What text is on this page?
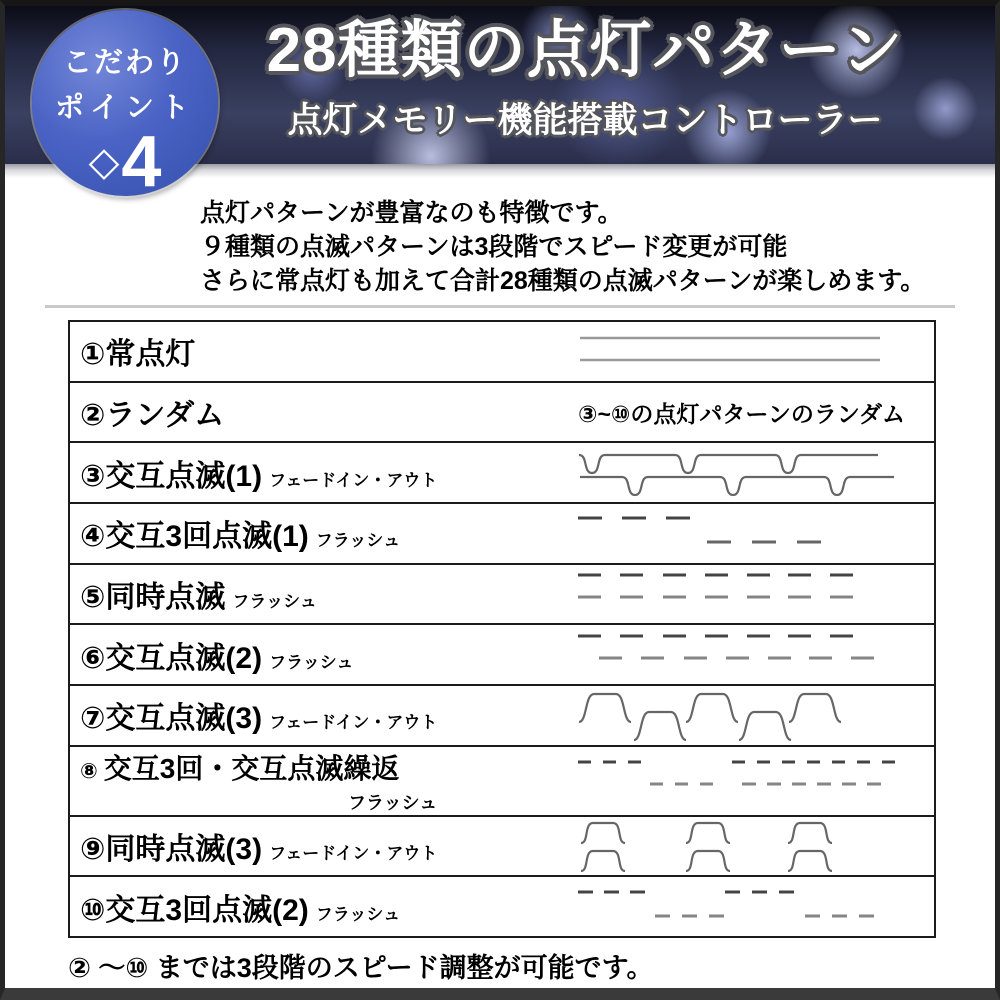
28種類の点灯パターン
点灯メモリー機能搭載コントローラー
こだわり
ポイント
◇ 4
点灯パターンが豊富なのも特徴です。
９種類の点滅パターンは3段階でスピード変更が可能
さらに常点灯も加えて合計28種類の点滅パターンが楽しめます。
①常点灯
②ランダム	③~⑩の点灯パターンのランダム
③交互点滅(1) フェードイン・アウト
④交互3回点滅(1) フラッシュ
⑤同時点滅 フラッシュ
⑥交互点滅(2) フラッシュ
⑦交互点滅(3) フェードイン・アウト
⑧ 交互3回・交互点滅繰返
フラッシュ
⑨同時点滅(3) フェードイン・アウト
⑩交互3回点滅(2) フラッシュ
② 〜⑩ までは3段階のスピード調整が可能です。
